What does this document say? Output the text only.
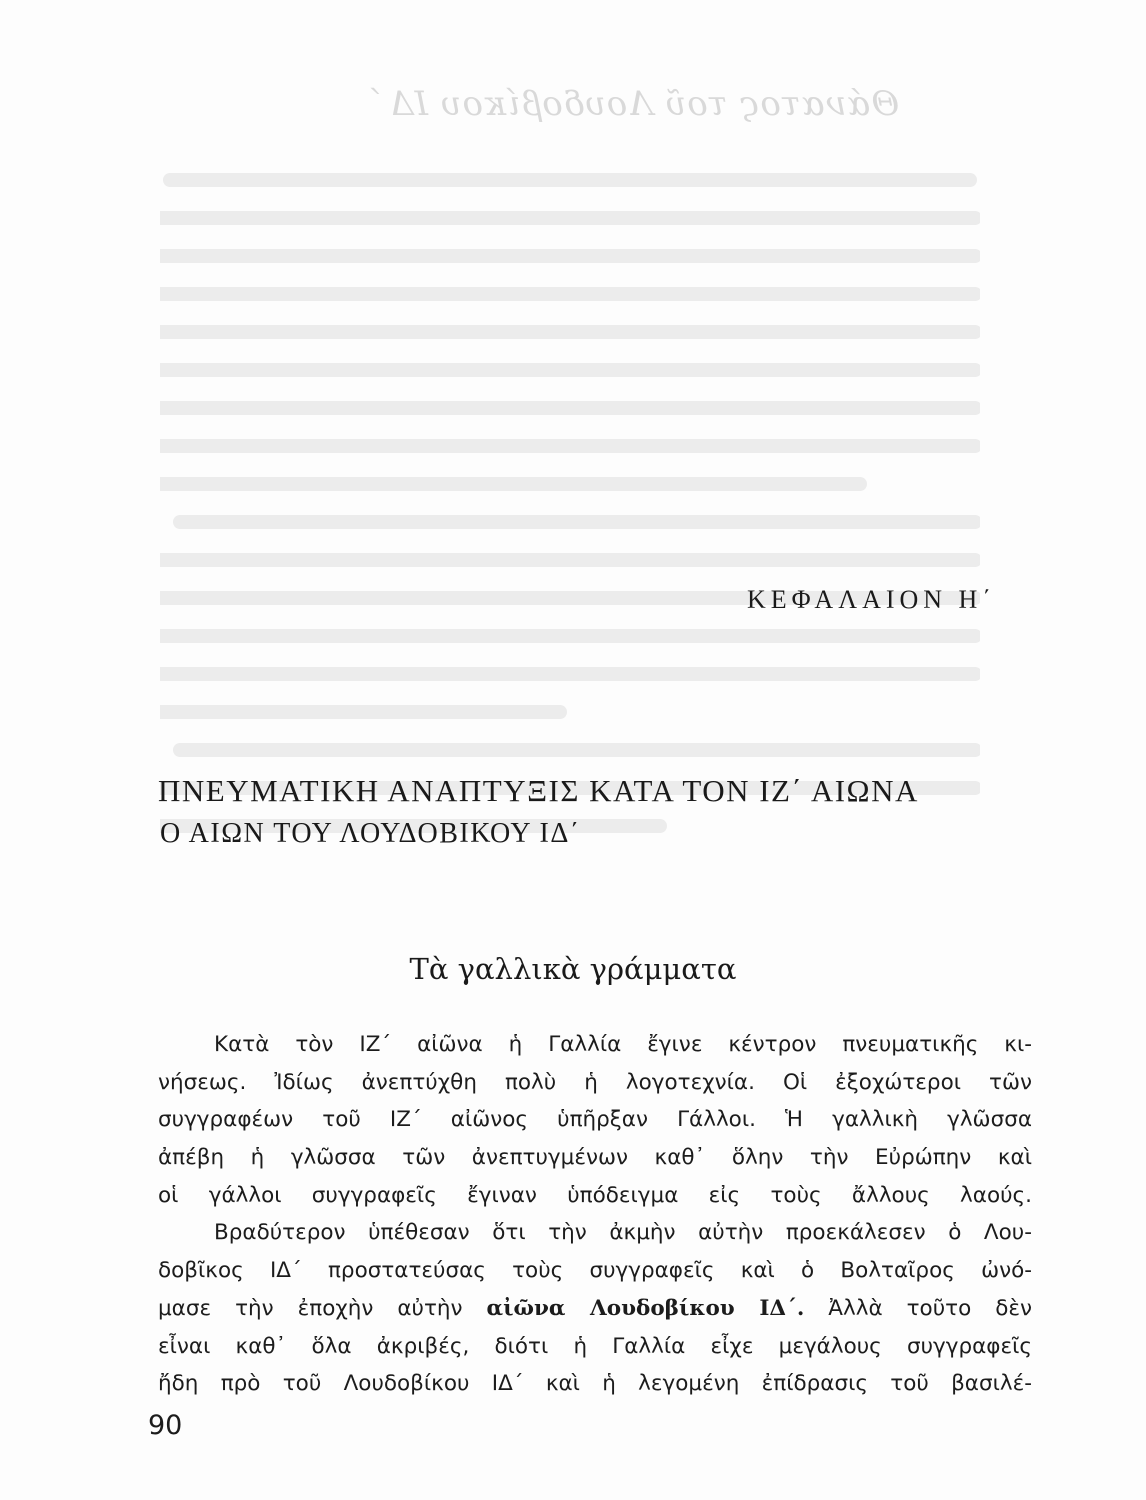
Θάνατος τοῦ Λουδοβίκου ΙΔ΄
ΚΕΦΑΛΑΙΟΝ Η΄
ΠΝΕΥΜΑΤΙΚΗ ΑΝΑΠΤΥΞΙΣ ΚΑΤΑ ΤΟΝ ΙΖ΄ ΑΙΩΝΑ
Ο ΑΙΩΝ ΤΟΥ ΛΟΥΔΟΒΙΚΟΥ ΙΔ΄
Τὰ γαλλικὰ γράμματα
Κατὰ τὸν ΙΖ΄ αἰῶνα ἡ Γαλλία ἔγινε κέντρον πνευματικῆς κι-
νήσεως. Ἰδίως ἀνεπτύχθη πολὺ ἡ λογοτεχνία. Οἱ ἐξοχώτεροι τῶν
συγγραφέων τοῦ ΙΖ΄ αἰῶνος ὑπῆρξαν Γάλλοι. Ἡ γαλλικὴ γλῶσσα
ἀπέβη ἡ γλῶσσα τῶν ἀνεπτυγμένων καθ᾿ ὅλην τὴν Εὐρώπην καὶ
οἱ γάλλοι συγγραφεῖς ἔγιναν ὑπόδειγμα εἰς τοὺς ἄλλους λαούς.
Βραδύτερον ὑπέθεσαν ὅτι τὴν ἀκμὴν αὐτὴν προεκάλεσεν ὁ Λου-
δοβῖκος ΙΔ΄ προστατεύσας τοὺς συγγραφεῖς καὶ ὁ Βολταῖρος ὠνό-
μασε τὴν ἐποχὴν αὐτὴν αἰῶνα Λουδοβίκου ΙΔ΄. Ἀλλὰ τοῦτο δὲν
εἶναι καθ᾿ ὅλα ἀκριβές, διότι ἡ Γαλλία εἶχε μεγάλους συγγραφεῖς
ἤδη πρὸ τοῦ Λουδοβίκου ΙΔ΄ καὶ ἡ λεγομένη ἐπίδρασις τοῦ βασιλέ-
90
